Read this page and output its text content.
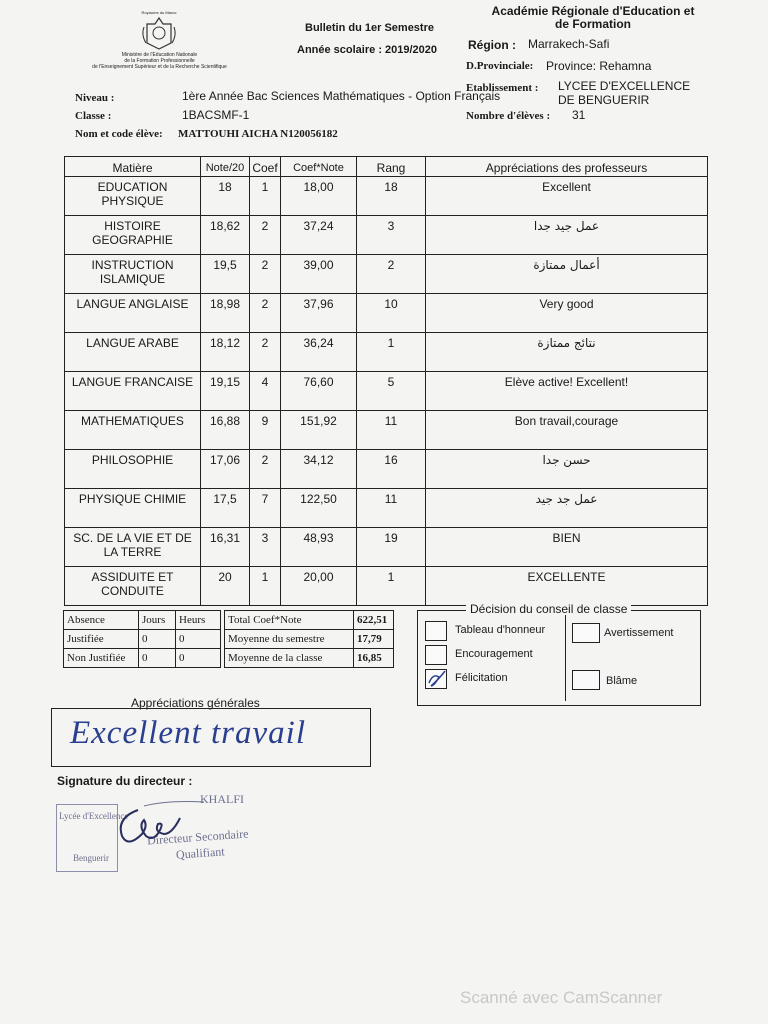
Royaume du Maroc
Ministère de l'Education Nationale
de la Formation Professionnelle
de l'Enseignement Supérieur et de la Recherche Scientifique
Bulletin du 1er Semestre
Année scolaire : 2019/2020
Académie Régionale d'Education et
de Formation
Région : Marrakech-Safi
D.Provinciale: Province: Rehamna
Etablissement : LYCEE D'EXCELLENCE
DE BENGUERIR
Niveau :	1ère Année Bac Sciences Mathématiques - Option Français
Classe :	1BACSMF-1	Nombre d'élèves : 31
Nom et code élève: MATTOUHI AICHA N120056182
Matière	Note/20	Coef	Coef*Note	Rang	Appréciations des professeurs
EDUCATION PHYSIQUE	18	1	18,00	18	Excellent
HISTOIRE GEOGRAPHIE	18,62	2	37,24	3	عمل جيد جدا
INSTRUCTION ISLAMIQUE	19,5	2	39,00	2	أعمال ممتازة
LANGUE ANGLAISE	18,98	2	37,96	10	Very good
LANGUE ARABE	18,12	2	36,24	1	نتائج ممتازة
LANGUE FRANCAISE	19,15	4	76,60	5	Elève active! Excellent!
MATHEMATIQUES	16,88	9	151,92	11	Bon travail,courage
PHILOSOPHIE	17,06	2	34,12	16	حسن جدا
PHYSIQUE CHIMIE	17,5	7	122,50	11	عمل جد جيد
SC. DE LA VIE ET DE LA TERRE	16,31	3	48,93	19	BIEN
ASSIDUITE ET CONDUITE	20	1	20,00	1	EXCELLENTE
Absence	Jours	Heurs
Justifiée	0	0
Non Justifiée	0	0
Total Coef*Note	622,51
Moyenne du semestre	17,79
Moyenne de la classe	16,85
Décision du conseil de classe
Tableau d'honneur
Encouragement
Félicitation
Avertissement
Blâme
Appréciations générales
Excellent travail
Signature du directeur :
Lycée d'Excellence
Benguerir
KHALFI
Directeur Secondaire
Qualifiant
Scanné avec CamScanner
